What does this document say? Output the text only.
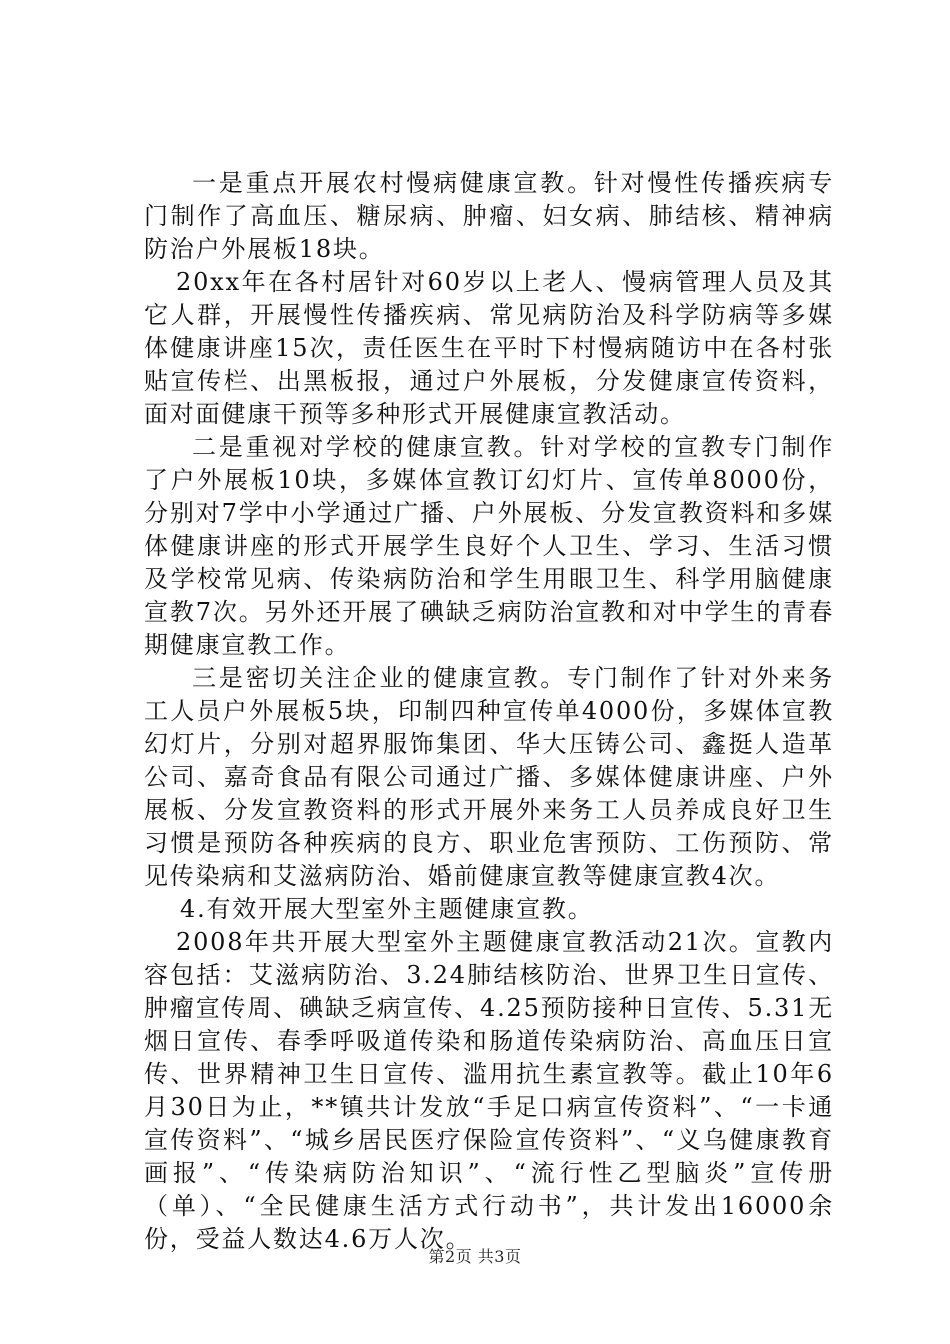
一是重点开展农村慢病健康宣教。针对慢性传播疾病专门制作了高血压、糖尿病、肿瘤、妇女病、肺结核、精神病防治户外展板18块。

20xx年在各村居针对60岁以上老人、慢病管理人员及其它人群，开展慢性传播疾病、常见病防治及科学防病等多媒体健康讲座15次，责任医生在平时下村慢病随访中在各村张贴宣传栏、出黑板报，通过户外展板，分发健康宣传资料，面对面健康干预等多种形式开展健康宣教活动。

二是重视对学校的健康宣教。针对学校的宣教专门制作了户外展板10块，多媒体宣教订幻灯片、宣传单8000份，分别对7学中小学通过广播、户外展板、分发宣教资料和多媒体健康讲座的形式开展学生良好个人卫生、学习、生活习惯及学校常见病、传染病防治和学生用眼卫生、科学用脑健康宣教7次。另外还开展了碘缺乏病防治宣教和对中学生的青春期健康宣教工作。

三是密切关注企业的健康宣教。专门制作了针对外来务工人员户外展板5块，印制四种宣传单4000份，多媒体宣教幻灯片，分别对超界服饰集团、华大压铸公司、鑫挺人造革公司、嘉奇食品有限公司通过广播、多媒体健康讲座、户外展板、分发宣教资料的形式开展外来务工人员养成良好卫生习惯是预防各种疾病的良方、职业危害预防、工伤预防、常见传染病和艾滋病防治、婚前健康宣教等健康宣教4次。

4.有效开展大型室外主题健康宣教。

2008年共开展大型室外主题健康宣教活动21次。宣教内容包括：艾滋病防治、3.24肺结核防治、世界卫生日宣传、肿瘤宣传周、碘缺乏病宣传、4.25预防接种日宣传、5.31无烟日宣传、春季呼吸道传染和肠道传染病防治、高血压日宣传、世界精神卫生日宣传、滥用抗生素宣教等。截止10年6月30日为止，**镇共计发放“手足口病宣传资料”、“一卡通宣传资料”、“城乡居民医疗保险宣传资料”、“义乌健康教育画报”、“传染病防治知识”、“流行性乙型脑炎”宣传册（单）、“全民健康生活方式行动书”，共计发出16000余份，受益人数达4.6万人次。

第2页 共3页
